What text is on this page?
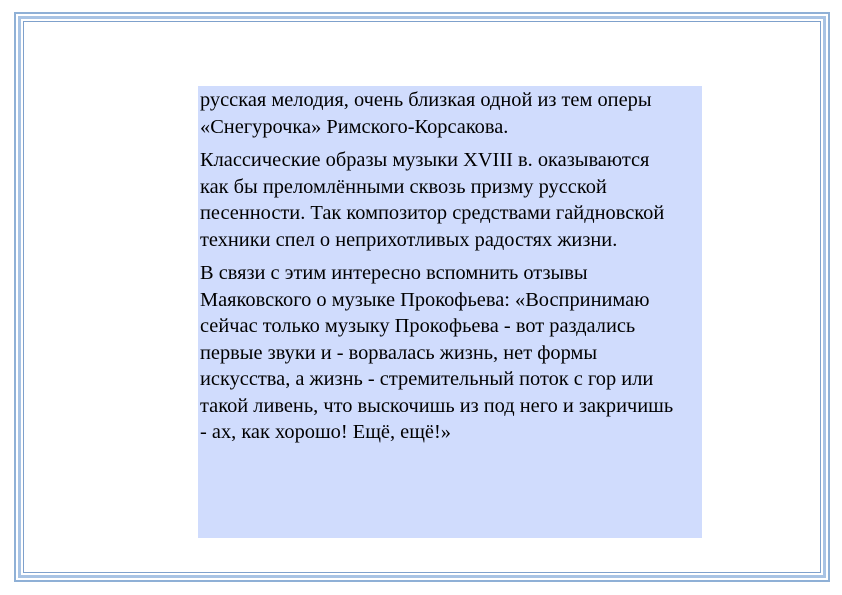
русская мелодия, очень близкая одной из тем оперы
«Снегурочка» Римского-Корсакова.

Классические образы музыки XVIII в. оказываются
как бы преломлёнными сквозь призму русской
песенности. Так композитор средствами гайдновской
техники спел о неприхотливых радостях жизни.

В связи с этим интересно вспомнить отзывы
Маяковского о музыке Прокофьева: «Воспринимаю
сейчас только музыку Прокофьева - вот раздались
первые звуки и - ворвалась жизнь, нет формы
искусства, а жизнь - стремительный поток с гор или
такой ливень, что выскочишь из под него и закричишь
- ах, как хорошо! Ещё, ещё!»
